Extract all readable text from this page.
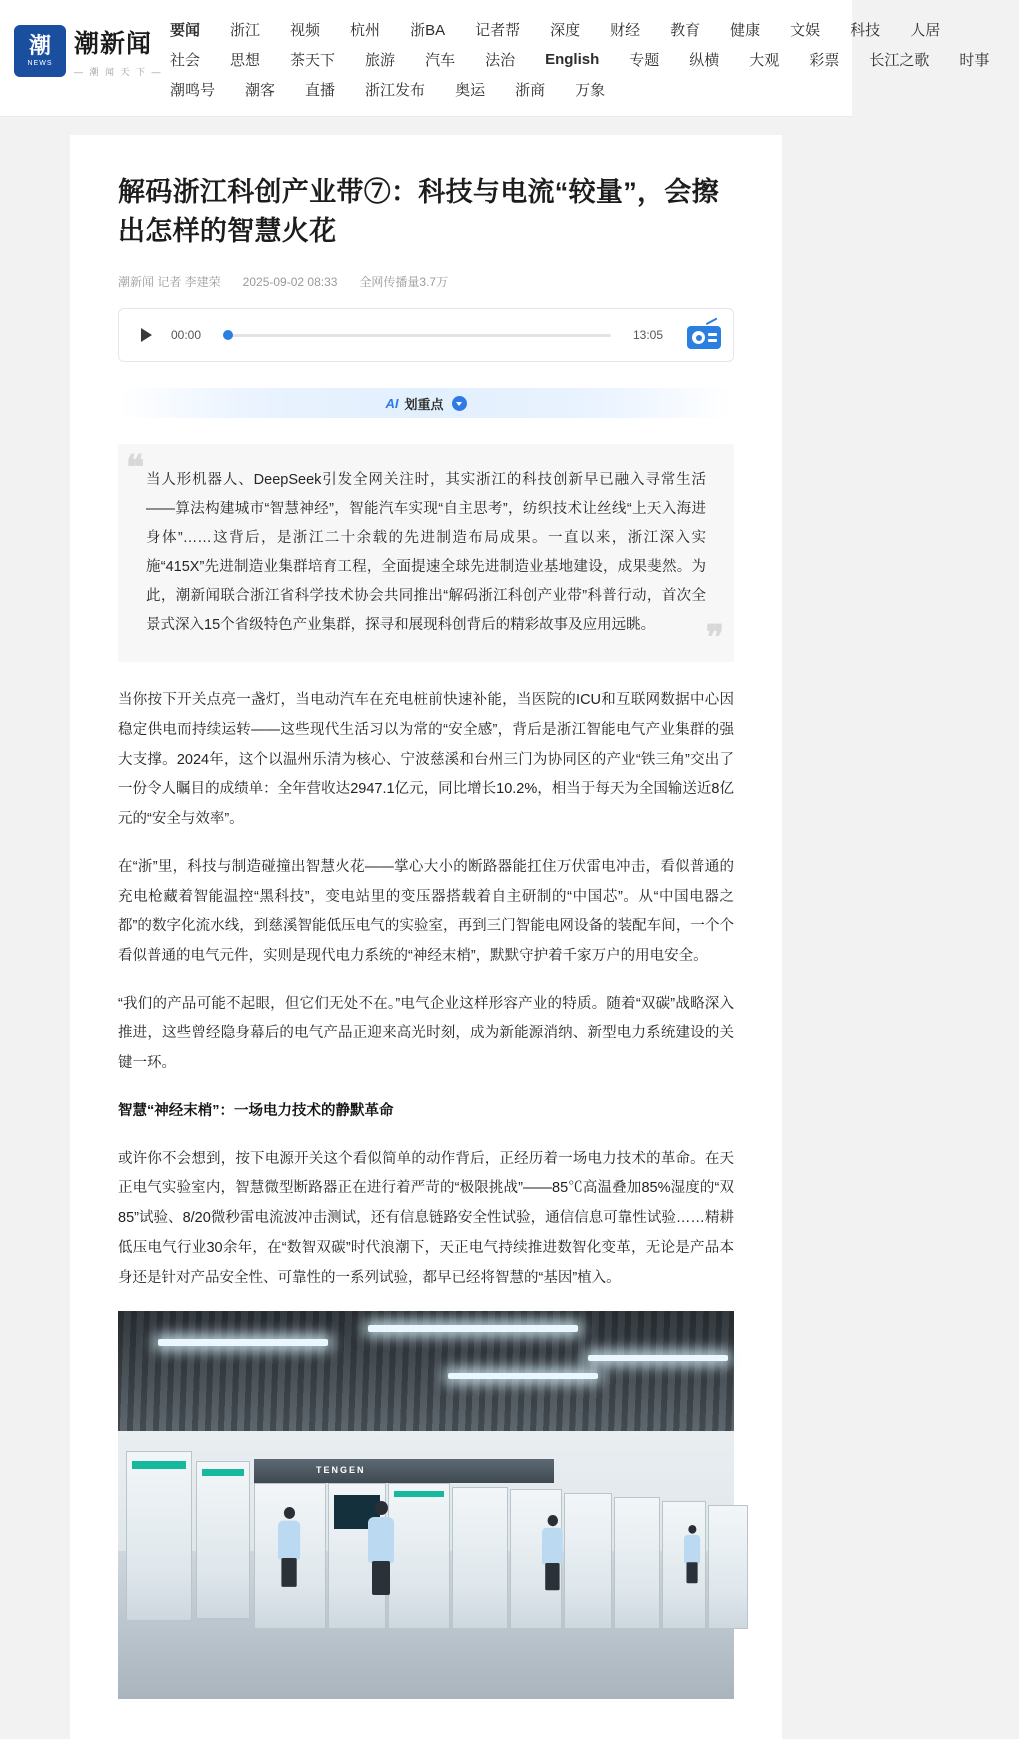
潮
NEWS
潮新闻
— 潮 闻 天 下 —
要闻 浙江 视频 杭州 浙BA 记者帮 深度 财经 教育 健康 文娱 科技 人居
社会 思想 茶天下 旅游 汽车 法治 English 专题 纵横 大观 彩票 长江之歌 时事
潮鸣号 潮客 直播 浙江发布 奥运 浙商 万象
解码浙江科创产业带⑦：科技与电流“较量”，会擦出怎样的智慧火花
潮新闻 记者 李建荣 2025-09-02 08:33 全网传播量3.7万
00:00	13:05
AI 划重点
❝ 当人形机器人、DeepSeek引发全网关注时，其实浙江的科技创新早已融入寻常生活——算法构建城市“智慧神经”，智能汽车实现“自主思考”，纺织技术让丝线“上天入海进身体”……这背后，是浙江二十余载的先进制造布局成果。一直以来，浙江深入实施“415X”先进制造业集群培育工程，全面提速全球先进制造业基地建设，成果斐然。为此，潮新闻联合浙江省科学技术协会共同推出“解码浙江科创产业带”科普行动，首次全景式深入15个省级特色产业集群，探寻和展现科创背后的精彩故事及应用远眺。	❞

当你按下开关点亮一盏灯，当电动汽车在充电桩前快速补能，当医院的ICU和互联网数据中心因稳定供电而持续运转——这些现代生活习以为常的“安全感”，背后是浙江智能电气产业集群的强大支撑。2024年，这个以温州乐清为核心、宁波慈溪和台州三门为协同区的产业“铁三角”交出了一份令人瞩目的成绩单：全年营收达2947.1亿元，同比增长10.2%，相当于每天为全国输送近8亿元的“安全与效率”。

在“浙”里，科技与制造碰撞出智慧火花——掌心大小的断路器能扛住万伏雷电冲击，看似普通的充电枪藏着智能温控“黑科技”，变电站里的变压器搭载着自主研制的“中国芯”。从“中国电器之都”的数字化流水线，到慈溪智能低压电气的实验室，再到三门智能电网设备的装配车间，一个个看似普通的电气元件，实则是现代电力系统的“神经末梢”，默默守护着千家万户的用电安全。

“我们的产品可能不起眼，但它们无处不在。”电气企业这样形容产业的特质。随着“双碳”战略深入推进，这些曾经隐身幕后的电气产品正迎来高光时刻，成为新能源消纳、新型电力系统建设的关键一环。

智慧“神经末梢”：一场电力技术的静默革命

或许你不会想到，按下电源开关这个看似简单的动作背后，正经历着一场电力技术的革命。在天正电气实验室内，智慧微型断路器正在进行着严苛的“极限挑战”——85℃高温叠加85%湿度的“双85”试验、8/20微秒雷电流波冲击测试，还有信息链路安全性试验，通信信息可靠性试验……精耕低压电气行业30余年，在“数智双碳”时代浪潮下，天正电气持续推进数智化变革，无论是产品本身还是针对产品安全性、可靠性的一系列试验，都早已经将智慧的“基因”植入。

TENGEN
